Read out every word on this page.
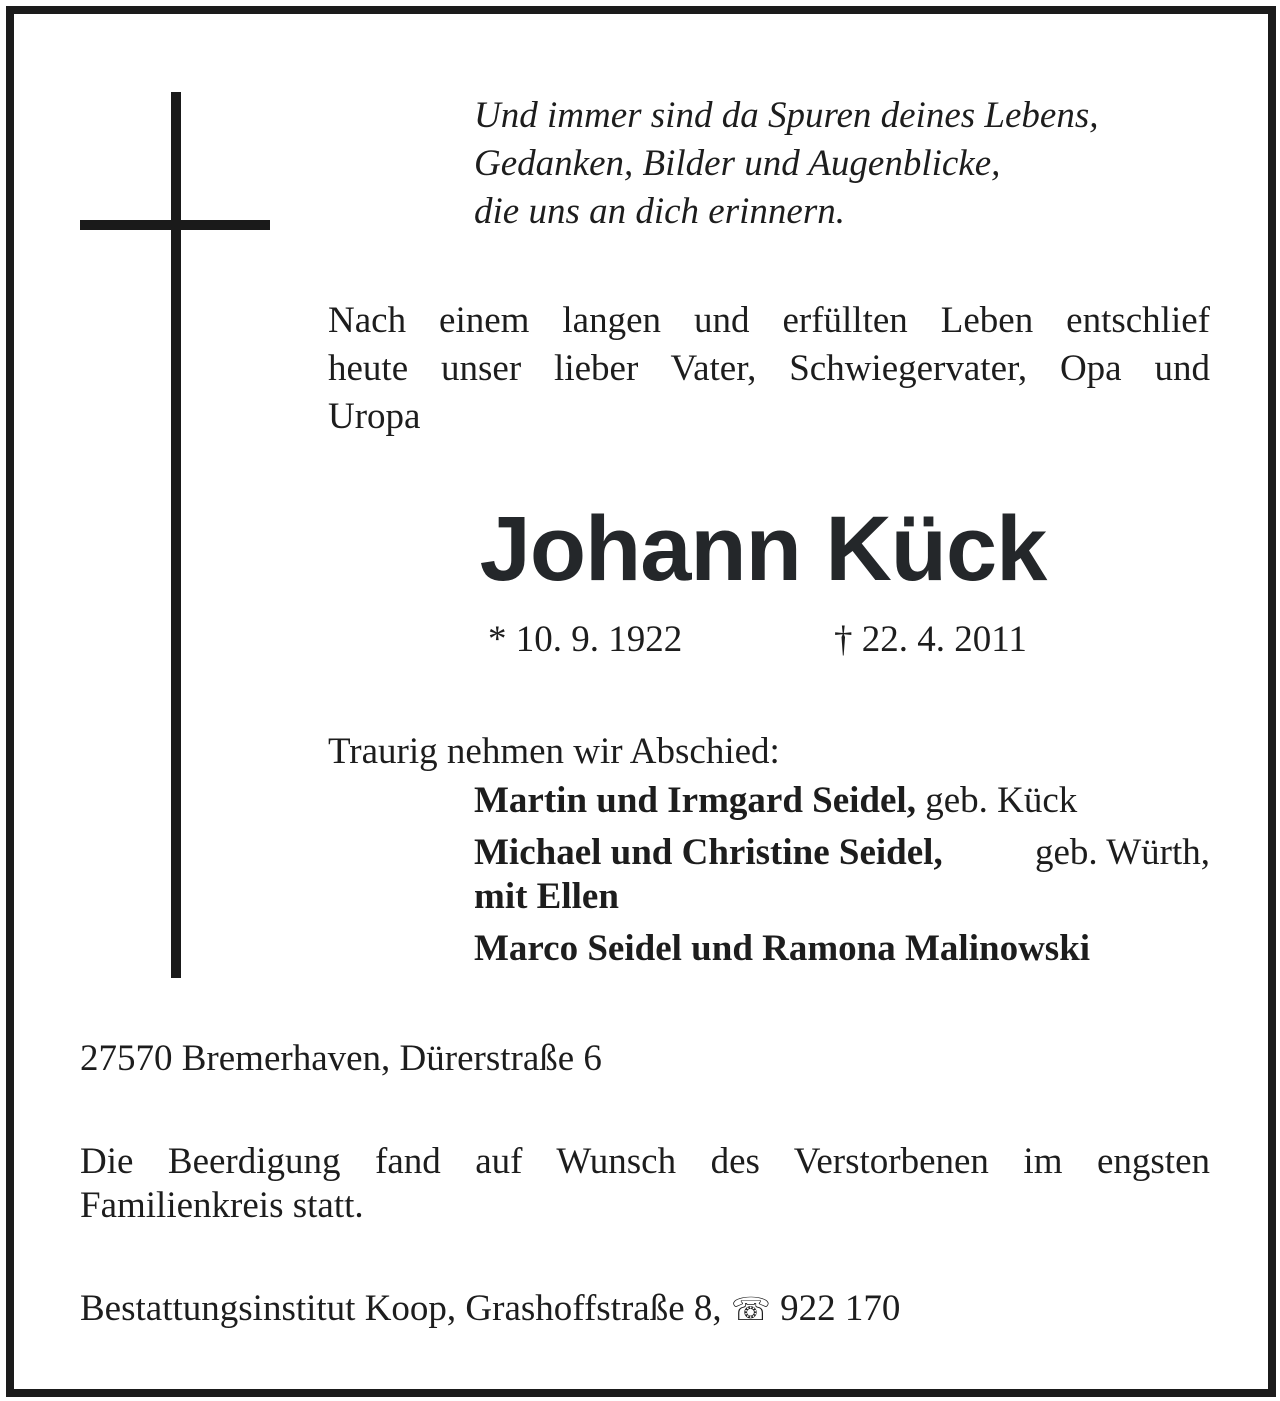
Und immer sind da Spuren deines Lebens,
Gedanken, Bilder und Augenblicke,
die uns an dich erinnern.
Nach einem langen und erfüllten Leben entschlief
heute unser lieber Vater, Schwiegervater, Opa und
Uropa
Johann Kück
* 10. 9. 1922	† 22. 4. 2011
Traurig nehmen wir Abschied:
Martin und Irmgard Seidel, geb. Kück
Michael und Christine Seidel, geb. Würth,
mit Ellen
Marco Seidel und Ramona Malinowski
27570 Bremerhaven, Dürerstraße 6
Die Beerdigung fand auf Wunsch des Verstorbenen im engsten
Familienkreis statt.
Bestattungsinstitut Koop, Grashoffstraße 8, ☏ 922 170
